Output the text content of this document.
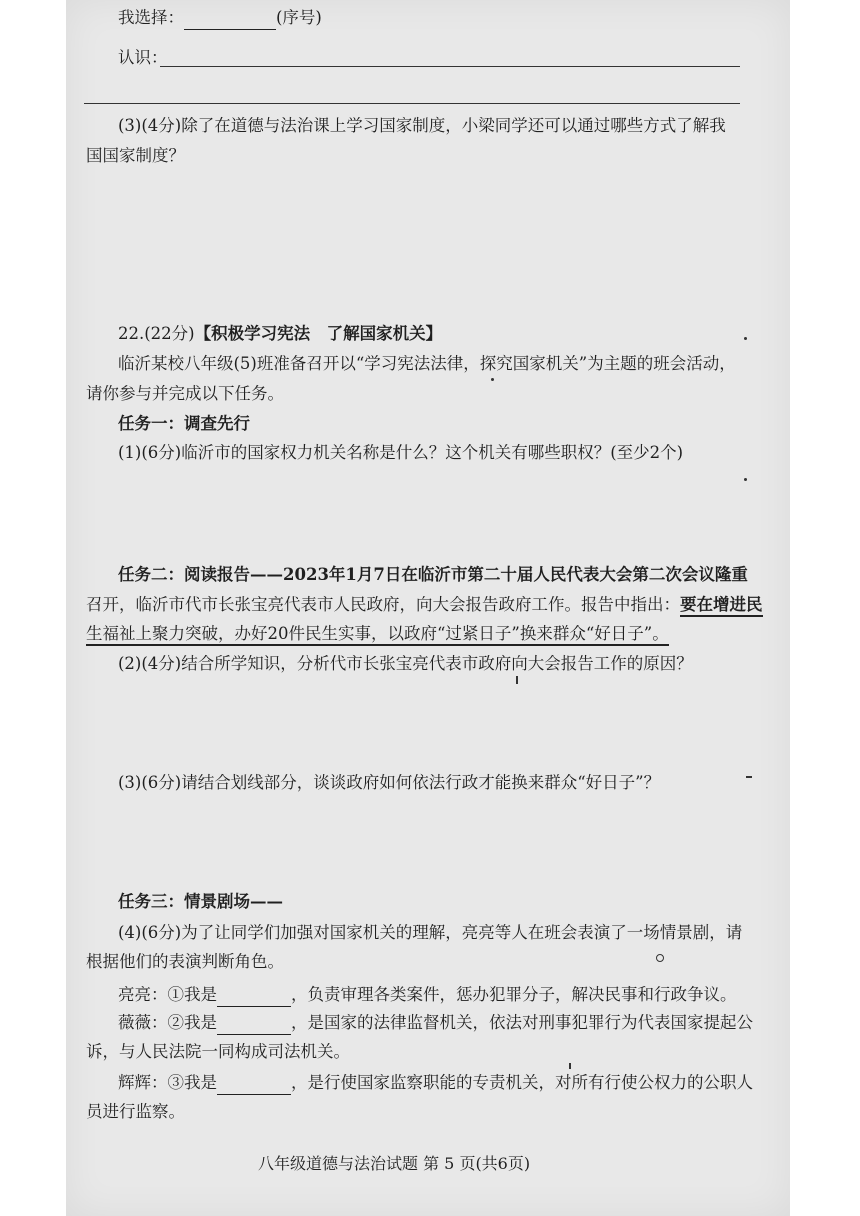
我选择：	(序号)
认识：
(3)(4分)除了在道德与法治课上学习国家制度，小梁同学还可以通过哪些方式了解我
国国家制度？
22.(22分)【积极学习宪法　了解国家机关】
临沂某校八年级(5)班准备召开以“学习宪法法律，探究国家机关”为主题的班会活动，
请你参与并完成以下任务。
任务一：调查先行
(1)(6分)临沂市的国家权力机关名称是什么？这个机关有哪些职权？(至少2个)
任务二：阅读报告——2023年1月7日在临沂市第二十届人民代表大会第二次会议隆重
召开，临沂市代市长张宝亮代表市人民政府，向大会报告政府工作。报告中指出：要在增进民
生福祉上聚力突破，办好20件民生实事，以政府“过紧日子”换来群众“好日子”。
(2)(4分)结合所学知识，分析代市长张宝亮代表市政府向大会报告工作的原因？
(3)(6分)请结合划线部分，谈谈政府如何依法行政才能换来群众“好日子”？
任务三：情景剧场——
(4)(6分)为了让同学们加强对国家机关的理解，亮亮等人在班会表演了一场情景剧，请
根据他们的表演判断角色。
亮亮：①我是	，负责审理各类案件，惩办犯罪分子，解决民事和行政争议。
薇薇：②我是	，是国家的法律监督机关，依法对刑事犯罪行为代表国家提起公
诉，与人民法院一同构成司法机关。
辉辉：③我是	，是行使国家监察职能的专责机关，对所有行使公权力的公职人
员进行监察。
八年级道德与法治试题 第 5 页(共6页)
